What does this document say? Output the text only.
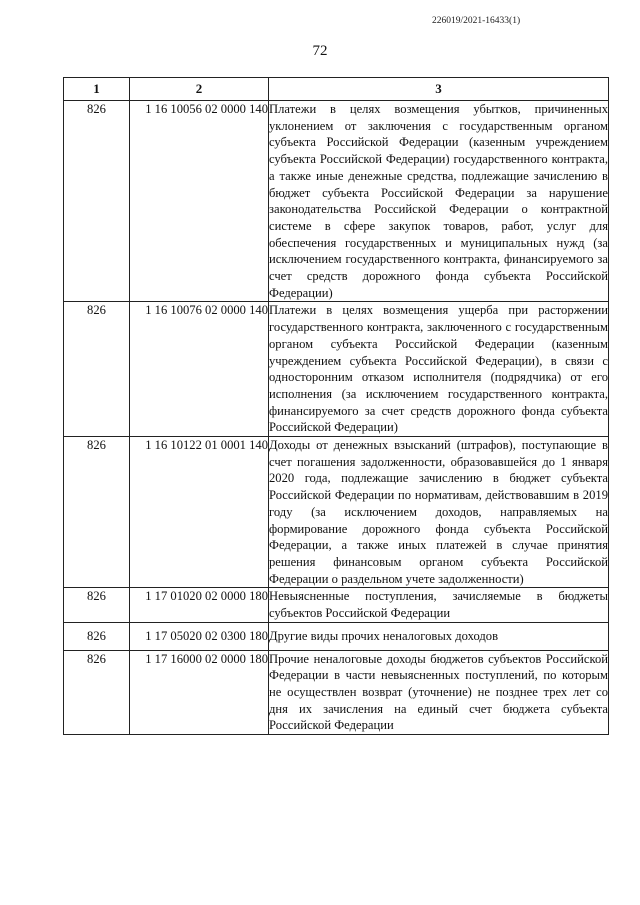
226019/2021-16433(1)
72
1	2	3
826	1 16 10056 02 0000 140	Платежи в целях возмещения убытков, причиненных уклонением от заключения с государственным органом субъекта Российской Федерации (казенным учреждением субъекта Российской Федерации) государственного контракта, а также иные денежные средства, подлежащие зачислению в бюджет субъекта Российской Федерации за нарушение законодательства Российской Федерации о контрактной системе в сфере закупок товаров, работ, услуг для обеспечения государственных и муниципальных нужд (за исключением государственного контракта, финансируемого за счет средств дорожного фонда субъекта Российской Федерации)
826	1 16 10076 02 0000 140	Платежи в целях возмещения ущерба при расторжении государственного контракта, заключенного с государственным органом субъекта Российской Федерации (казенным учреждением субъекта Российской Федерации), в связи с односторонним отказом исполнителя (подрядчика) от его исполнения (за исключением государственного контракта, финансируемого за счет средств дорожного фонда субъекта Российской Федерации)
826	1 16 10122 01 0001 140	Доходы от денежных взысканий (штрафов), поступающие в счет погашения задолженности, образовавшейся до 1 января 2020 года, подлежащие зачислению в бюджет субъекта Российской Федерации по нормативам, действовавшим в 2019 году (за исключением доходов, направляемых на формирование дорожного фонда субъекта Российской Федерации, а также иных платежей в случае принятия решения финансовым органом субъекта Российской Федерации о раздельном учете задолженности)
826	1 17 01020 02 0000 180	Невыясненные поступления, зачисляемые в бюджеты субъектов Российской Федерации
826	1 17 05020 02 0300 180	Другие виды прочих неналоговых доходов
826	1 17 16000 02 0000 180	Прочие неналоговые доходы бюджетов субъектов Российской Федерации в части невыясненных поступлений, по которым не осуществлен возврат (уточнение) не позднее трех лет со дня их зачисления на единый счет бюджета субъекта Российской Федерации
